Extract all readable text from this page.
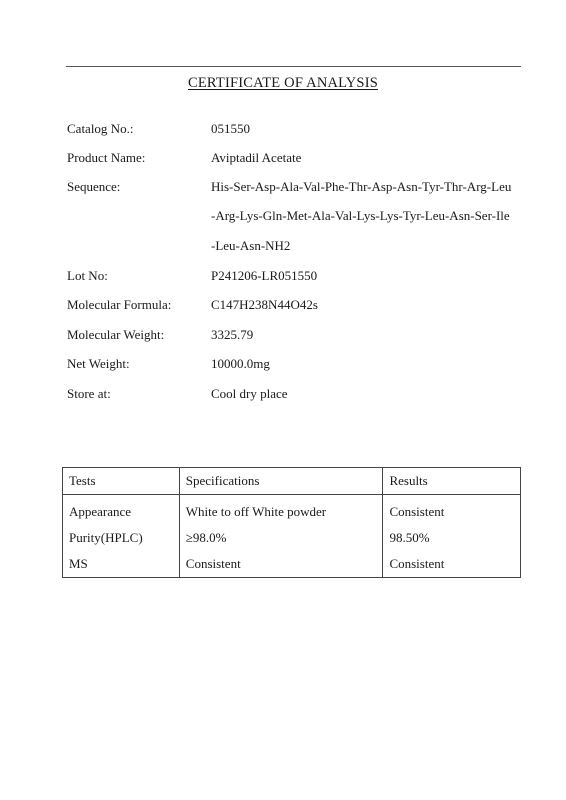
CERTIFICATE OF ANALYSIS
Catalog No.:	051550
Product Name:	Aviptadil Acetate
Sequence:	His-Ser-Asp-Ala-Val-Phe-Thr-Asp-Asn-Tyr-Thr-Arg-Leu
-Arg-Lys-Gln-Met-Ala-Val-Lys-Lys-Tyr-Leu-Asn-Ser-Ile
-Leu-Asn-NH2
Lot No:	P241206-LR051550
Molecular Formula:	C147H238N44O42s
Molecular Weight:	3325.79
Net Weight:	10000.0mg
Store at:	Cool dry place
Tests	Specifications	Results
Appearance	White to off White powder	Consistent
Purity(HPLC)	≥98.0%	98.50%
MS	Consistent	Consistent
